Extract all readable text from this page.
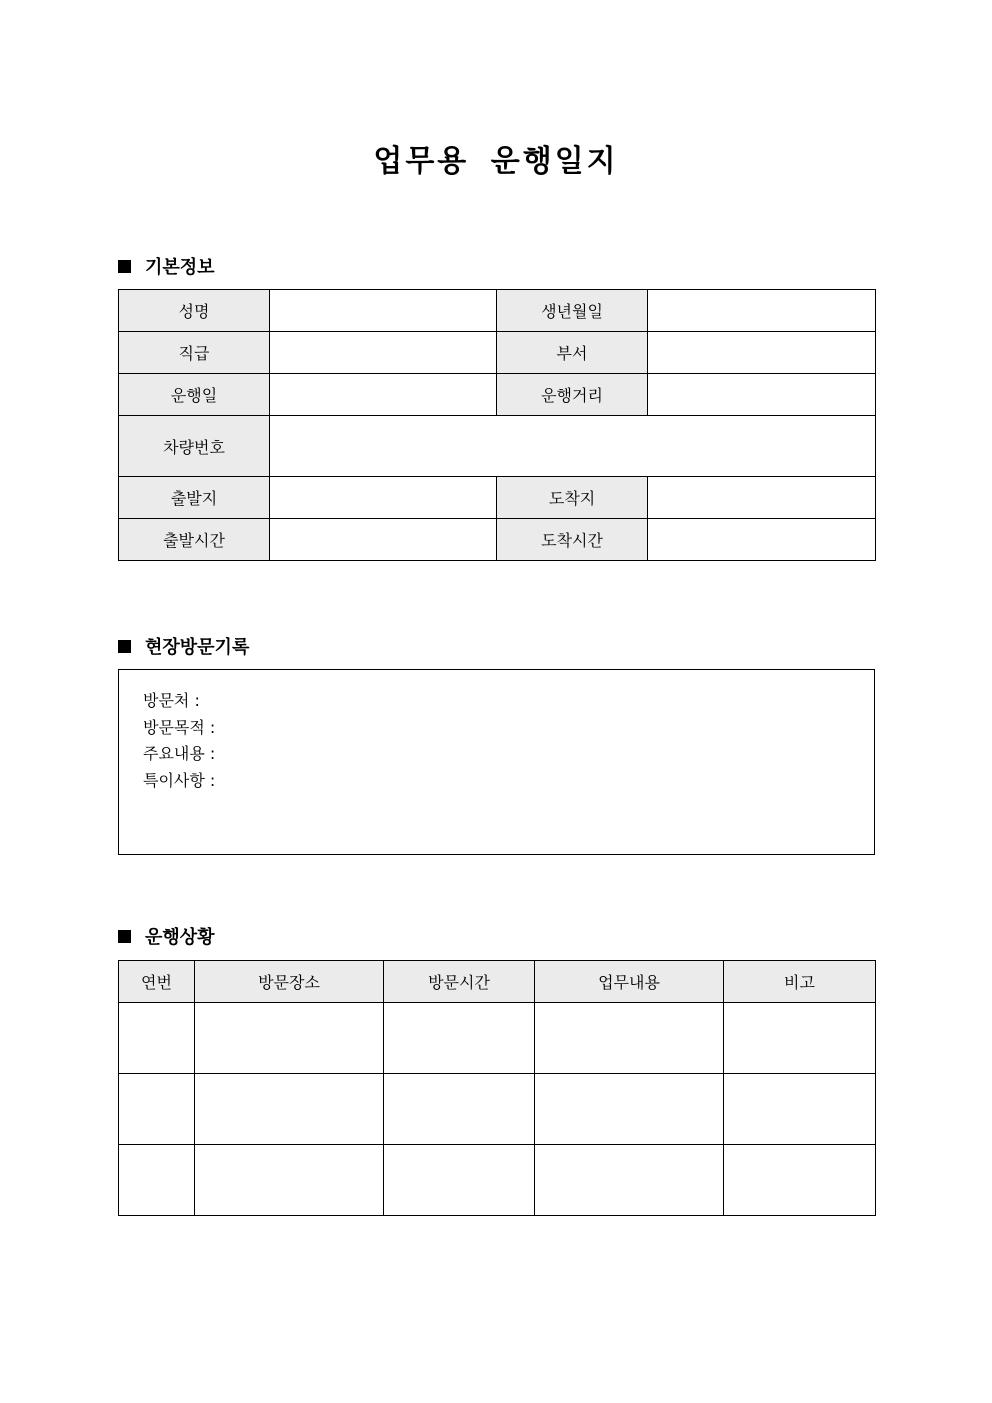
업무용 운행일지
기본정보
성명		생년월일	
직급		부서	
운행일		운행거리	
차량번호			
출발지		도착지	
출발시간		도착시간	
현장방문기록
방문처 :
방문목적 :
주요내용 :
특이사항 :
운행상황
연번	방문장소	방문시간	업무내용	비고
